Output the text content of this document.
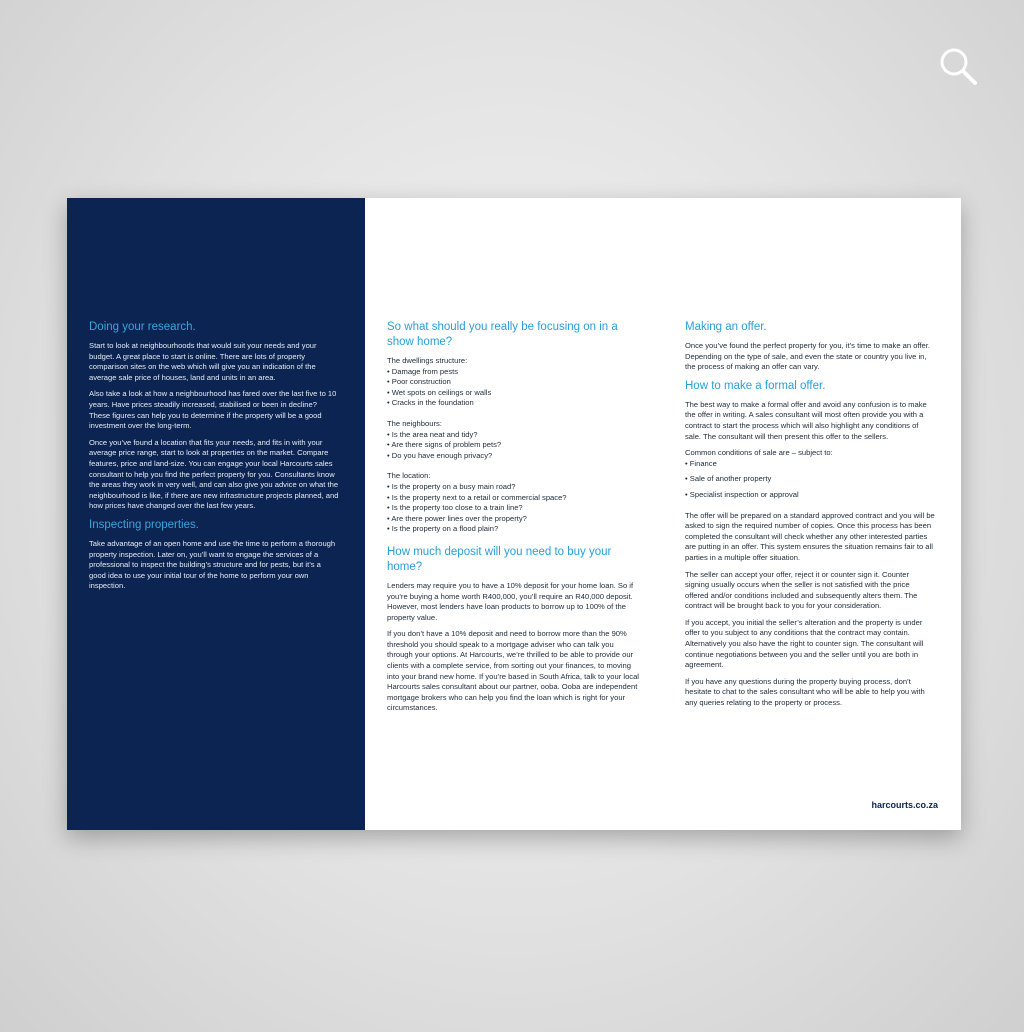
Doing your research.

Start to look at neighbourhoods that would suit your needs and your budget. A great place to start is online. There are lots of property comparison sites on the web which will give you an indication of the average sale price of houses, land and units in an area.

Also take a look at how a neighbourhood has fared over the last five to 10 years. Have prices steadily increased, stabilised or been in decline? These figures can help you to determine if the property will be a good investment over the long-term.

Once you’ve found a location that fits your needs, and fits in with your average price range, start to look at properties on the market. Compare features, price and land-size. You can engage your local Harcourts sales consultant to help you find the perfect property for you. Consultants know the areas they work in very well, and can also give you advice on what the neighbourhood is like, if there are new infrastructure projects planned, and how prices have changed over the last few years.

Inspecting properties.

Take advantage of an open home and use the time to perform a thorough property inspection. Later on, you’ll want to engage the services of a professional to inspect the building’s structure and for pests, but it’s a good idea to use your initial tour of the home to perform your own inspection.

So what should you really be focusing on in a show home?

The dwellings structure:

• Damage from pests
• Poor construction
• Wet spots on ceilings or walls
• Cracks in the foundation

The neighbours:

• Is the area neat and tidy?
• Are there signs of problem pets?
• Do you have enough privacy?

The location:

• Is the property on a busy main road?
• Is the property next to a retail or commercial space?
• Is the property too close to a train line?
• Are there power lines over the property?
• Is the property on a flood plain?
How much deposit will you need to buy your home?

Lenders may require you to have a 10% deposit for your home loan. So if you’re buying a home worth R400,000, you’ll require an R40,000 deposit. However, most lenders have loan products to borrow up to 100% of the property value.

If you don’t have a 10% deposit and need to borrow more than the 90% threshold you should speak to a mortgage adviser who can talk you through your options. At Harcourts, we’re thrilled to be able to provide our clients with a complete service, from sorting out your finances, to moving into your brand new home. If you’re based in South Africa, talk to your local Harcourts sales consultant about our partner, ooba. Ooba are independent mortgage brokers who can help you find the loan which is right for your circumstances.

Making an offer.

Once you’ve found the perfect property for you, it’s time to make an offer. Depending on the type of sale, and even the state or country you live in, the process of making an offer can vary.

How to make a formal offer.

The best way to make a formal offer and avoid any confusion is to make the offer in writing. A sales consultant will most often provide you with a contract to start the process which will also highlight any conditions of sale. The consultant will then present this offer to the sellers.

Common conditions of sale are – subject to:

• Finance
• Sale of another property
• Specialist inspection or approval

The offer will be prepared on a standard approved contract and you will be asked to sign the required number of copies. Once this process has been completed the consultant will check whether any other interested parties are putting in an offer. This system ensures the situation remains fair to all parties in a multiple offer situation.

The seller can accept your offer, reject it or counter sign it. Counter signing usually occurs when the seller is not satisfied with the price offered and/or conditions included and subsequently alters them. The contract will be brought back to you for your consideration.

If you accept, you initial the seller’s alteration and the property is under offer to you subject to any conditions that the contract may contain. Alternatively you also have the right to counter sign. The consultant will continue negotiations between you and the seller until you are both in agreement.

If you have any questions during the property buying process, don’t hesitate to chat to the sales consultant who will be able to help you with any queries relating to the property or process.

harcourts.co.za
